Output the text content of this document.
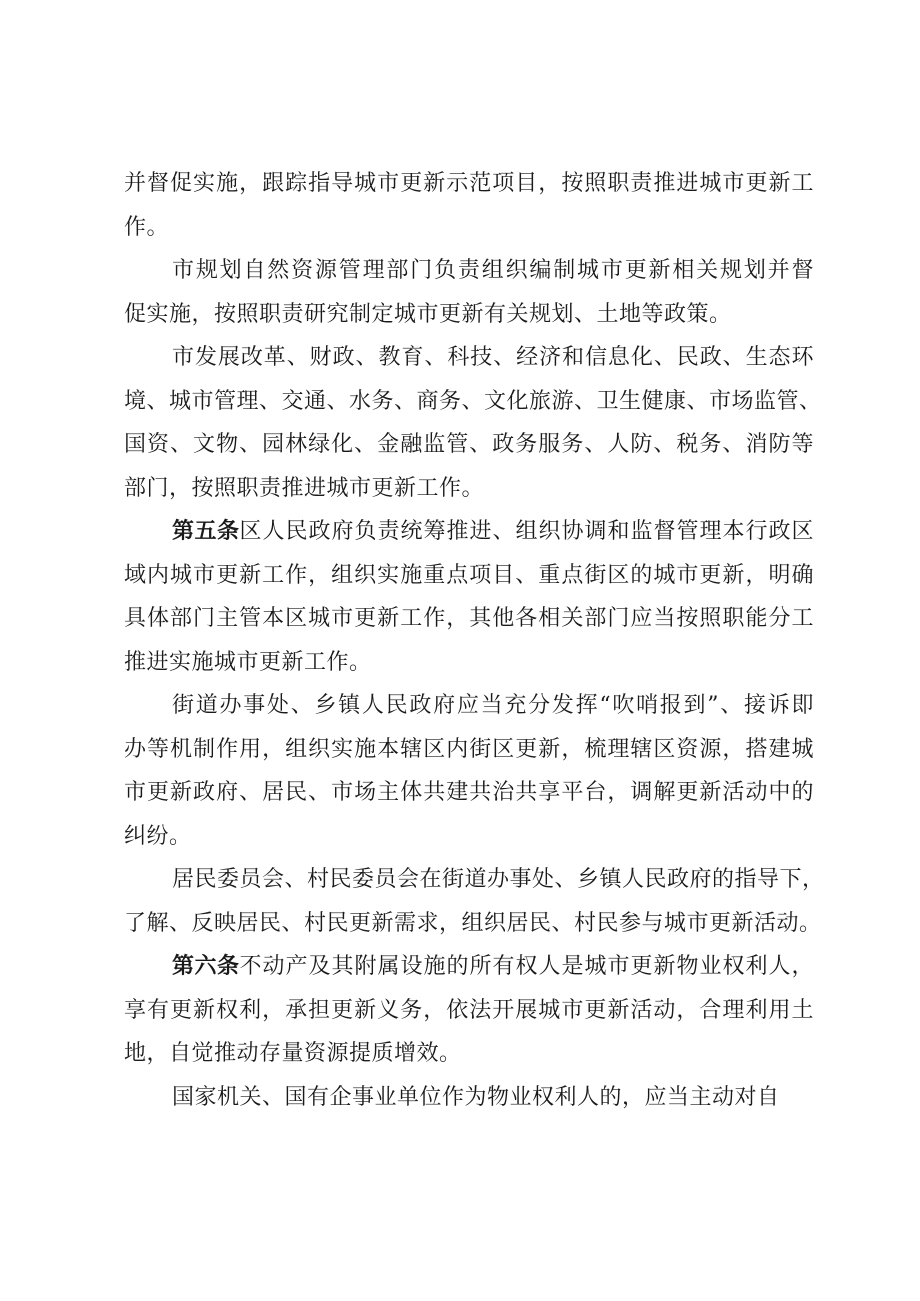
并督促实施，跟踪指导城市更新示范项目，按照职责推进城市更新工
作。
市规划自然资源管理部门负责组织编制城市更新相关规划并督
促实施，按照职责研究制定城市更新有关规划、土地等政策。
市发展改革、财政、教育、科技、经济和信息化、民政、生态环
境、城市管理、交通、水务、商务、文化旅游、卫生健康、市场监管、
国资、文物、园林绿化、金融监管、政务服务、人防、税务、消防等
部门，按照职责推进城市更新工作。
第五条区人民政府负责统筹推进、组织协调和监督管理本行政区
域内城市更新工作，组织实施重点项目、重点街区的城市更新，明确
具体部门主管本区城市更新工作，其他各相关部门应当按照职能分工
推进实施城市更新工作。
街道办事处、乡镇人民政府应当充分发挥“吹哨报到”、接诉即
办等机制作用，组织实施本辖区内街区更新，梳理辖区资源，搭建城
市更新政府、居民、市场主体共建共治共享平台，调解更新活动中的
纠纷。
居民委员会、村民委员会在街道办事处、乡镇人民政府的指导下，
了解、反映居民、村民更新需求，组织居民、村民参与城市更新活动。
第六条不动产及其附属设施的所有权人是城市更新物业权利人，
享有更新权利，承担更新义务，依法开展城市更新活动，合理利用土
地，自觉推动存量资源提质增效。
国家机关、国有企事业单位作为物业权利人的，应当主动对自
